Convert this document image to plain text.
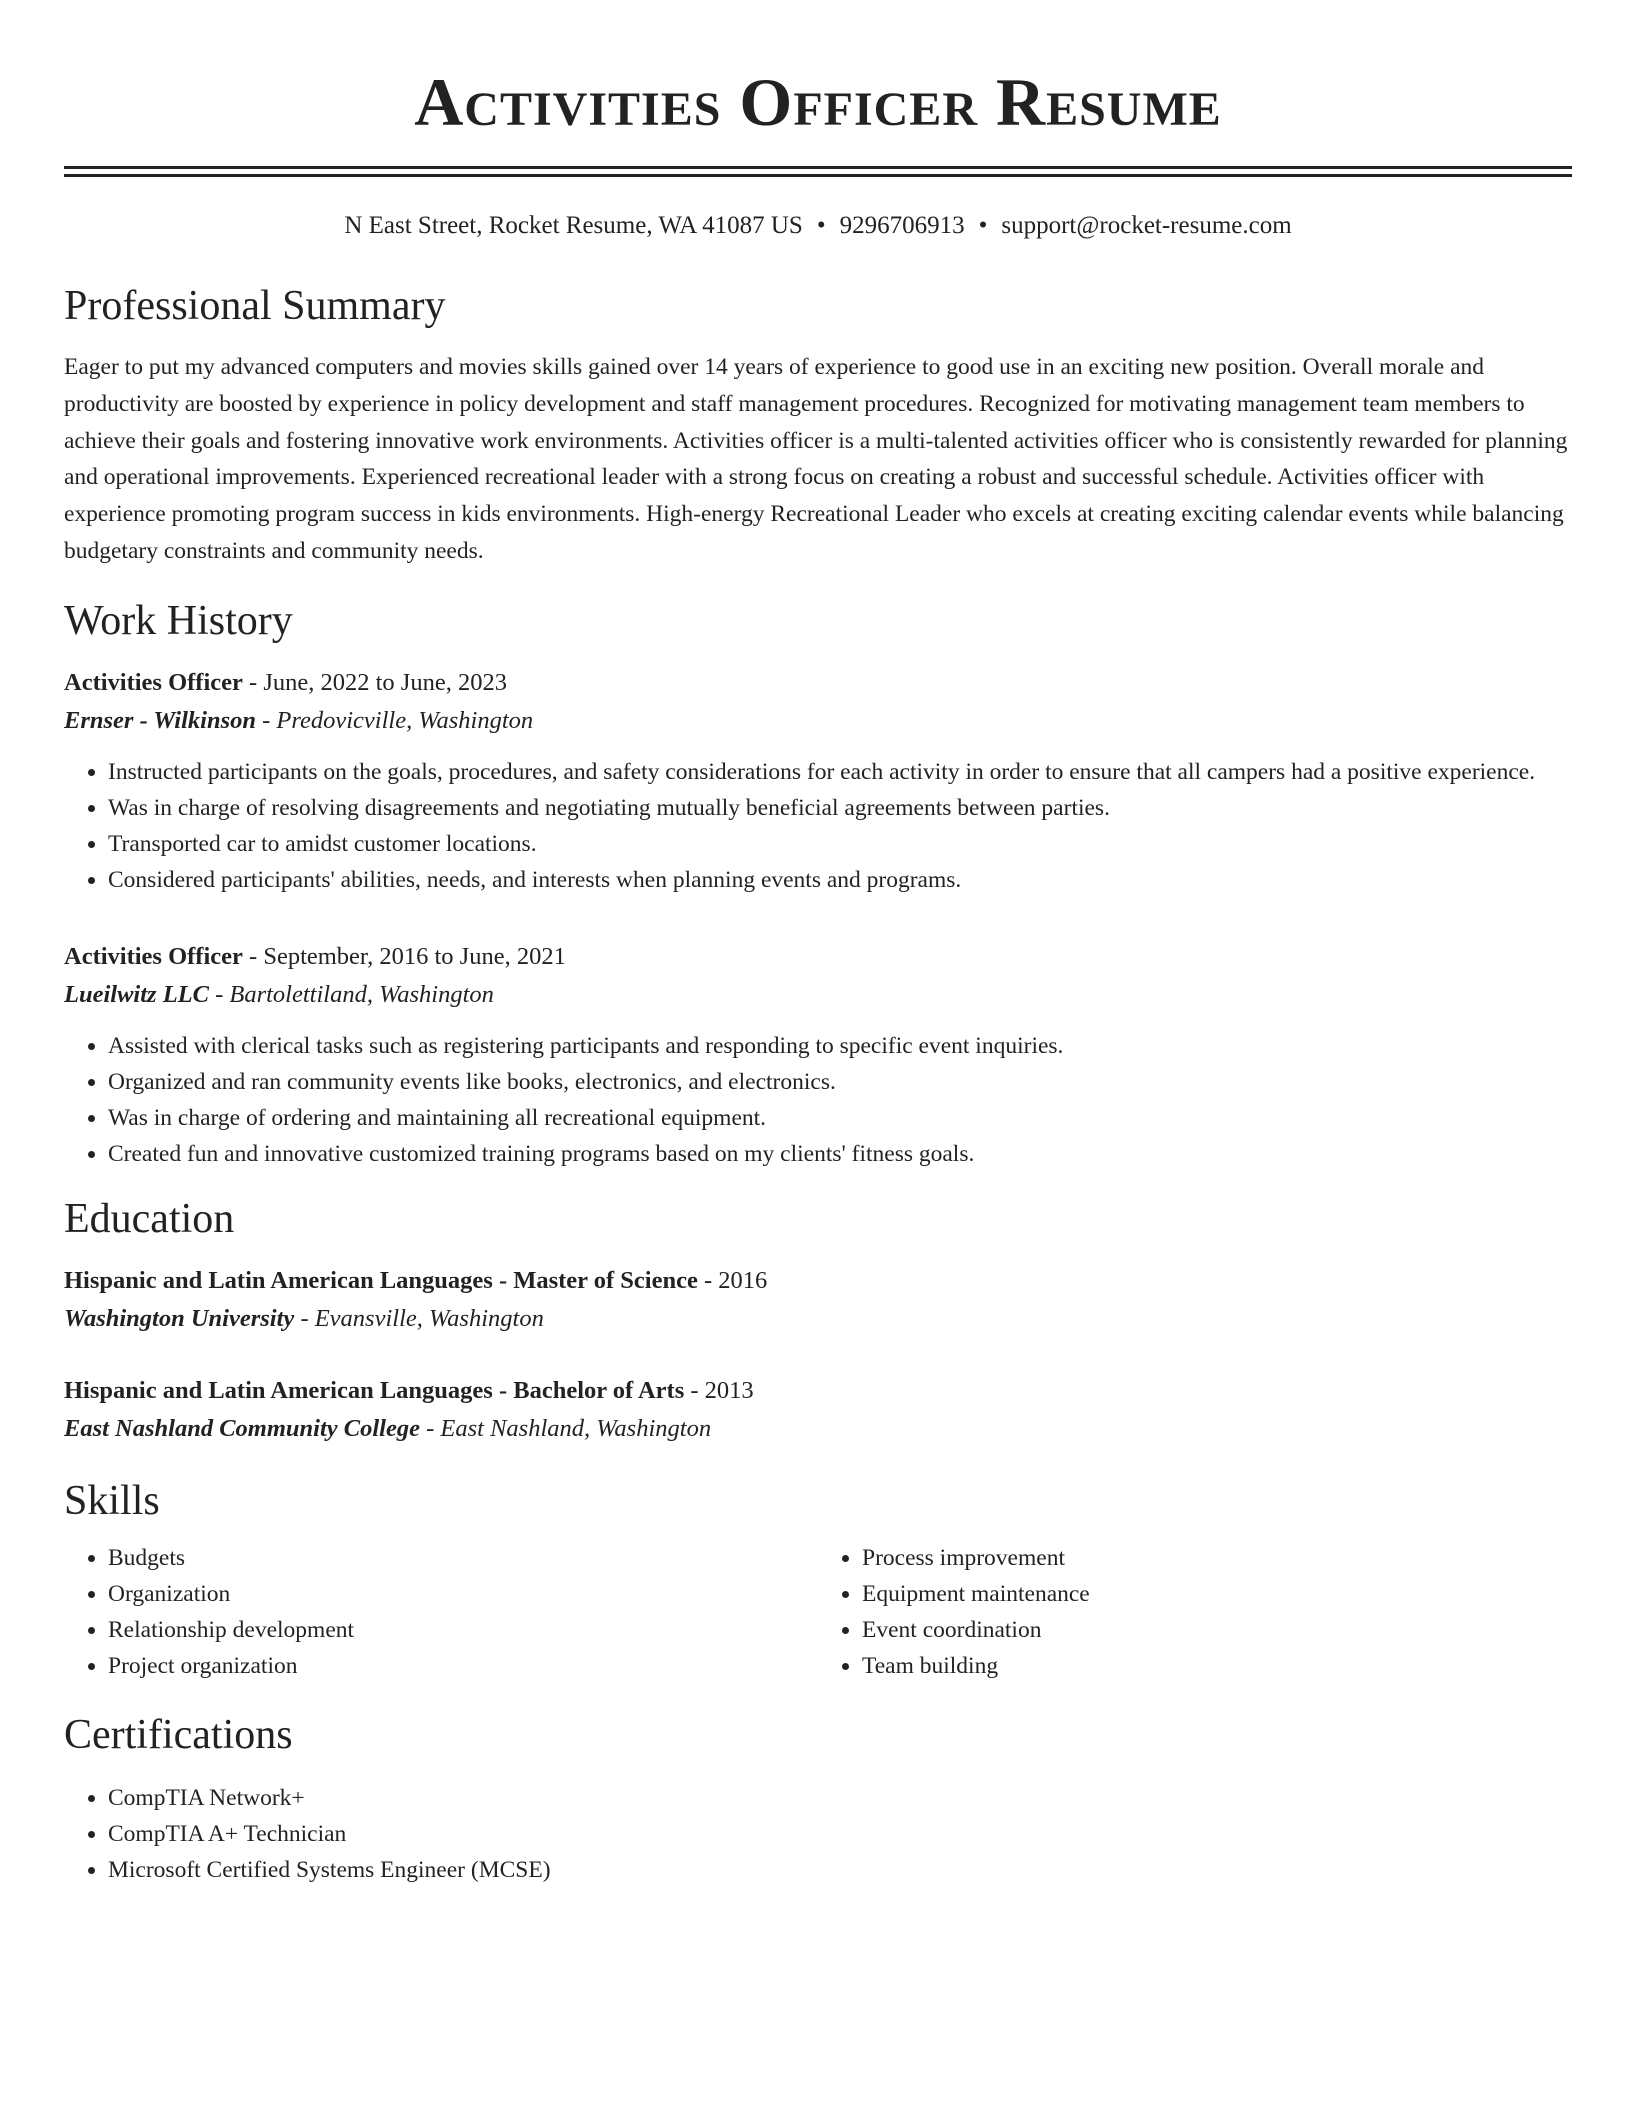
Activities Officer Resume
N East Street, Rocket Resume, WA 41087 US • 9296706913 • support@rocket-resume.com
Professional Summary
Eager to put my advanced computers and movies skills gained over 14 years of experience to good use in an exciting new position. Overall morale and productivity are boosted by experience in policy development and staff management procedures. Recognized for motivating management team members to achieve their goals and fostering innovative work environments. Activities officer is a multi-talented activities officer who is consistently rewarded for planning and operational improvements. Experienced recreational leader with a strong focus on creating a robust and successful schedule. Activities officer with experience promoting program success in kids environments. High-energy Recreational Leader who excels at creating exciting calendar events while balancing budgetary constraints and community needs.
Work History
Activities Officer - June, 2022 to June, 2023
Ernser - Wilkinson - Predovicville, Washington
• Instructed participants on the goals, procedures, and safety considerations for each activity in order to ensure that all campers had a positive experience.
• Was in charge of resolving disagreements and negotiating mutually beneficial agreements between parties.
• Transported car to amidst customer locations.
• Considered participants' abilities, needs, and interests when planning events and programs.
Activities Officer - September, 2016 to June, 2021
Lueilwitz LLC - Bartolettiland, Washington
• Assisted with clerical tasks such as registering participants and responding to specific event inquiries.
• Organized and ran community events like books, electronics, and electronics.
• Was in charge of ordering and maintaining all recreational equipment.
• Created fun and innovative customized training programs based on my clients' fitness goals.
Education
Hispanic and Latin American Languages - Master of Science - 2016
Washington University - Evansville, Washington
Hispanic and Latin American Languages - Bachelor of Arts - 2013
East Nashland Community College - East Nashland, Washington
Skills
• Budgets
• Organization
• Relationship development
• Project organization
• Process improvement
• Equipment maintenance
• Event coordination
• Team building
Certifications
• CompTIA Network+
• CompTIA A+ Technician
• Microsoft Certified Systems Engineer (MCSE)
